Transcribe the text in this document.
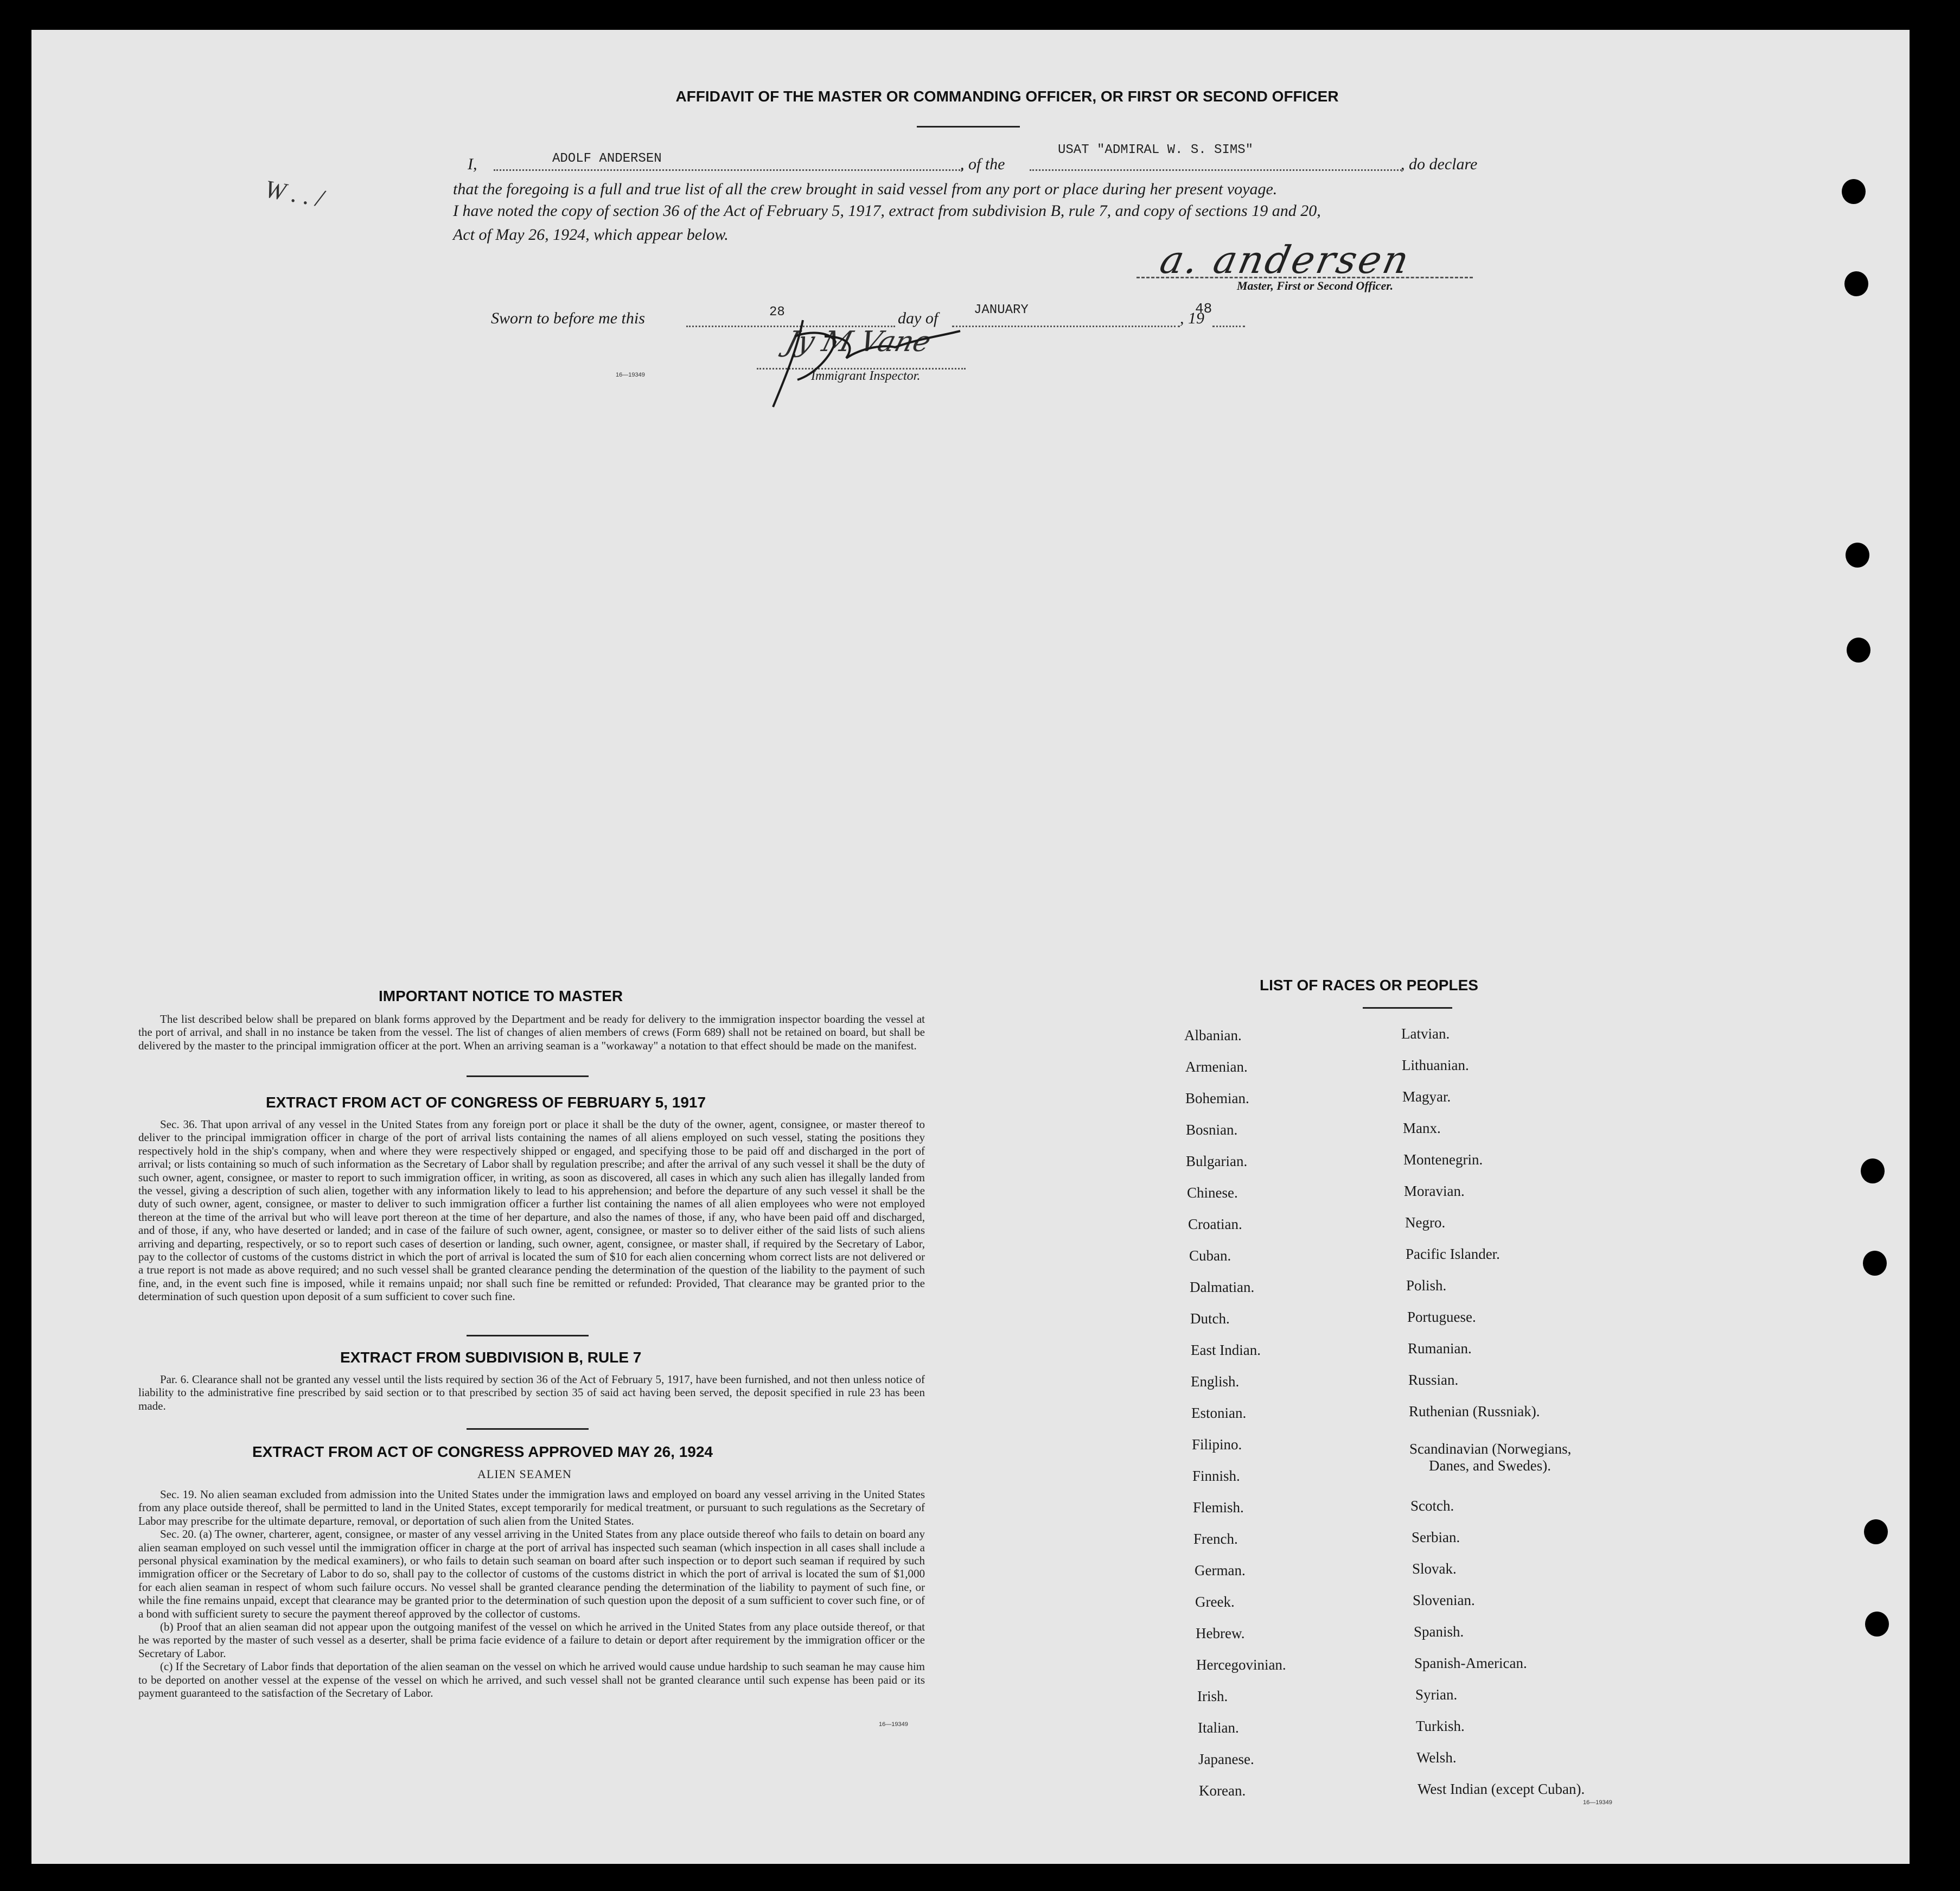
AFFIDAVIT OF THE MASTER OR COMMANDING OFFICER, OR FIRST OR SECOND OFFICER
I,	ADOLF ANDERSEN	, of the
USAT "ADMIRAL W. S. SIMS"
, do declare
that the foregoing is a full and true list of all the crew brought in said vessel from any port or place during her present voyage.
I have noted the copy of section 36 of the Act of February 5, 1917, extract from subdivision B, rule 7, and copy of sections 19 and 20,
Act of May 26, 1924, which appear below.
W . . /
a. andersen
Master, First or Second Officer.
Sworn to before me this	28	day of	JANUARY	, 19
48
16—19349
Jy M Vane
Immigrant Inspector.
IMPORTANT NOTICE TO MASTER

The list described below shall be prepared on blank forms approved by the Department and be ready for delivery to the immigration inspector boarding the vessel at the port of arrival, and shall in no instance be taken from the vessel. The list of changes of alien members of crews (Form 689) shall not be retained on board, but shall be delivered by the master to the principal immigration officer at the port. When an arriving seaman is a "workaway" a notation to that effect should be made on the manifest.

EXTRACT FROM ACT OF CONGRESS OF FEBRUARY 5, 1917

Sec. 36. That upon arrival of any vessel in the United States from any foreign port or place it shall be the duty of the owner, agent, consignee, or master thereof to deliver to the principal immigration officer in charge of the port of arrival lists containing the names of all aliens employed on such vessel, stating the positions they respectively hold in the ship's company, when and where they were respectively shipped or engaged, and specifying those to be paid off and discharged in the port of arrival; or lists containing so much of such information as the Secretary of Labor shall by regulation prescribe; and after the arrival of any such vessel it shall be the duty of such owner, agent, consignee, or master to report to such immigration officer, in writing, as soon as discovered, all cases in which any such alien has illegally landed from the vessel, giving a description of such alien, together with any information likely to lead to his apprehension; and before the departure of any such vessel it shall be the duty of such owner, agent, consignee, or master to deliver to such immigration officer a further list containing the names of all alien employees who were not employed thereon at the time of the arrival but who will leave port thereon at the time of her departure, and also the names of those, if any, who have been paid off and discharged, and of those, if any, who have deserted or landed; and in case of the failure of such owner, agent, consignee, or master so to deliver either of the said lists of such aliens arriving and departing, respectively, or so to report such cases of desertion or landing, such owner, agent, consignee, or master shall, if required by the Secretary of Labor, pay to the collector of customs of the customs district in which the port of arrival is located the sum of $10 for each alien concerning whom correct lists are not delivered or a true report is not made as above required; and no such vessel shall be granted clearance pending the determination of the question of the liability to the payment of such fine, and, in the event such fine is imposed, while it remains unpaid; nor shall such fine be remitted or refunded: Provided, That clearance may be granted prior to the determination of such question upon deposit of a sum sufficient to cover such fine.

EXTRACT FROM SUBDIVISION B, RULE 7

Par. 6. Clearance shall not be granted any vessel until the lists required by section 36 of the Act of February 5, 1917, have been furnished, and not then unless notice of liability to the administrative fine prescribed by said section or to that prescribed by section 35 of said act having been served, the deposit specified in rule 23 has been made.

EXTRACT FROM ACT OF CONGRESS APPROVED MAY 26, 1924
ALIEN SEAMEN

Sec. 19. No alien seaman excluded from admission into the United States under the immigration laws and employed on board any vessel arriving in the United States from any place outside thereof, shall be permitted to land in the United States, except temporarily for medical treatment, or pursuant to such regulations as the Secretary of Labor may prescribe for the ultimate departure, removal, or deportation of such alien from the United States.

Sec. 20. (a) The owner, charterer, agent, consignee, or master of any vessel arriving in the United States from any place outside thereof who fails to detain on board any alien seaman employed on such vessel until the immigration officer in charge at the port of arrival has inspected such seaman (which inspection in all cases shall include a personal physical examination by the medical examiners), or who fails to detain such seaman on board after such inspection or to deport such seaman if required by such immigration officer or the Secretary of Labor to do so, shall pay to the collector of customs of the customs district in which the port of arrival is located the sum of $1,000 for each alien seaman in respect of whom such failure occurs. No vessel shall be granted clearance pending the determination of the liability to payment of such fine, or while the fine remains unpaid, except that clearance may be granted prior to the determination of such question upon the deposit of a sum sufficient to cover such fine, or of a bond with sufficient surety to secure the payment thereof approved by the collector of customs.

(b) Proof that an alien seaman did not appear upon the outgoing manifest of the vessel on which he arrived in the United States from any place outside thereof, or that he was reported by the master of such vessel as a deserter, shall be prima facie evidence of a failure to detain or deport after requirement by the immigration officer or the Secretary of Labor.

(c) If the Secretary of Labor finds that deportation of the alien seaman on the vessel on which he arrived would cause undue hardship to such seaman he may cause him to be deported on another vessel at the expense of the vessel on which he arrived, and such vessel shall not be granted clearance until such expense has been paid or its payment guaranteed to the satisfaction of the Secretary of Labor.

16—19349
LIST OF RACES OR PEOPLES
Albanian.
Armenian.
Bohemian.
Bosnian.
Bulgarian.
Chinese.
Croatian.
Cuban.
Dalmatian.
Dutch.
East Indian.
English.
Estonian.
Filipino.
Finnish.
Flemish.
French.
German.
Greek.
Hebrew.
Hercegovinian.
Irish.
Italian.
Japanese.
Korean.
Latvian.
Lithuanian.
Magyar.
Manx.
Montenegrin.
Moravian.
Negro.
Pacific Islander.
Polish.
Portuguese.
Rumanian.
Russian.
Ruthenian (Russniak).
Scandinavian (Norwegians,
Danes, and Swedes).
Scotch.
Serbian.
Slovak.
Slovenian.
Spanish.
Spanish-American.
Syrian.
Turkish.
Welsh.
West Indian (except Cuban).
16—19349
